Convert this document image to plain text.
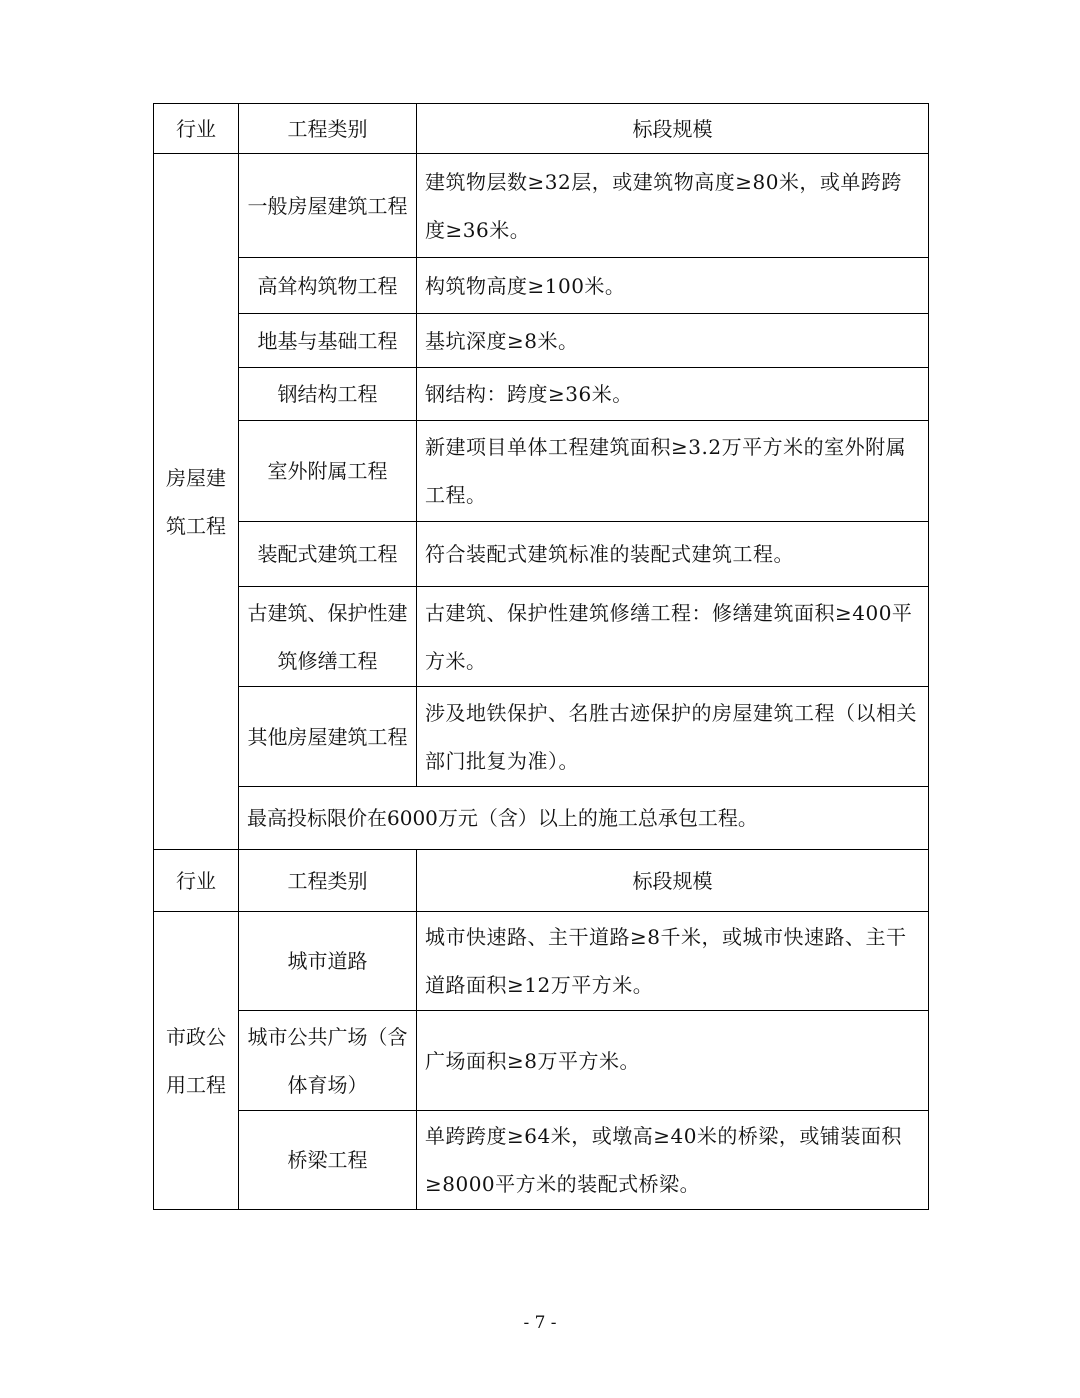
行业	工程类别	标段规模
房屋建筑工程	一般房屋建筑工程	建筑物层数≥32层，或建筑物高度≥80米，或单跨跨度≥36米。
	高耸构筑物工程	构筑物高度≥100米。
	地基与基础工程	基坑深度≥8米。
	钢结构工程	钢结构：跨度≥36米。
	室外附属工程	新建项目单体工程建筑面积≥3.2万平方米的室外附属工程。
	装配式建筑工程	符合装配式建筑标准的装配式建筑工程。
	古建筑、保护性建筑修缮工程	古建筑、保护性建筑修缮工程：修缮建筑面积≥400平方米。
	其他房屋建筑工程	涉及地铁保护、名胜古迹保护的房屋建筑工程（以相关部门批复为准）。
	最高投标限价在6000万元（含）以上的施工总承包工程。	
行业	工程类别	标段规模
市政公用工程	城市道路	城市快速路、主干道路≥8千米，或城市快速路、主干道路面积≥12万平方米。
	城市公共广场（含体育场）	广场面积≥8万平方米。
	桥梁工程	单跨跨度≥64米，或墩高≥40米的桥梁，或铺装面积≥8000平方米的装配式桥梁。
- 7 -
